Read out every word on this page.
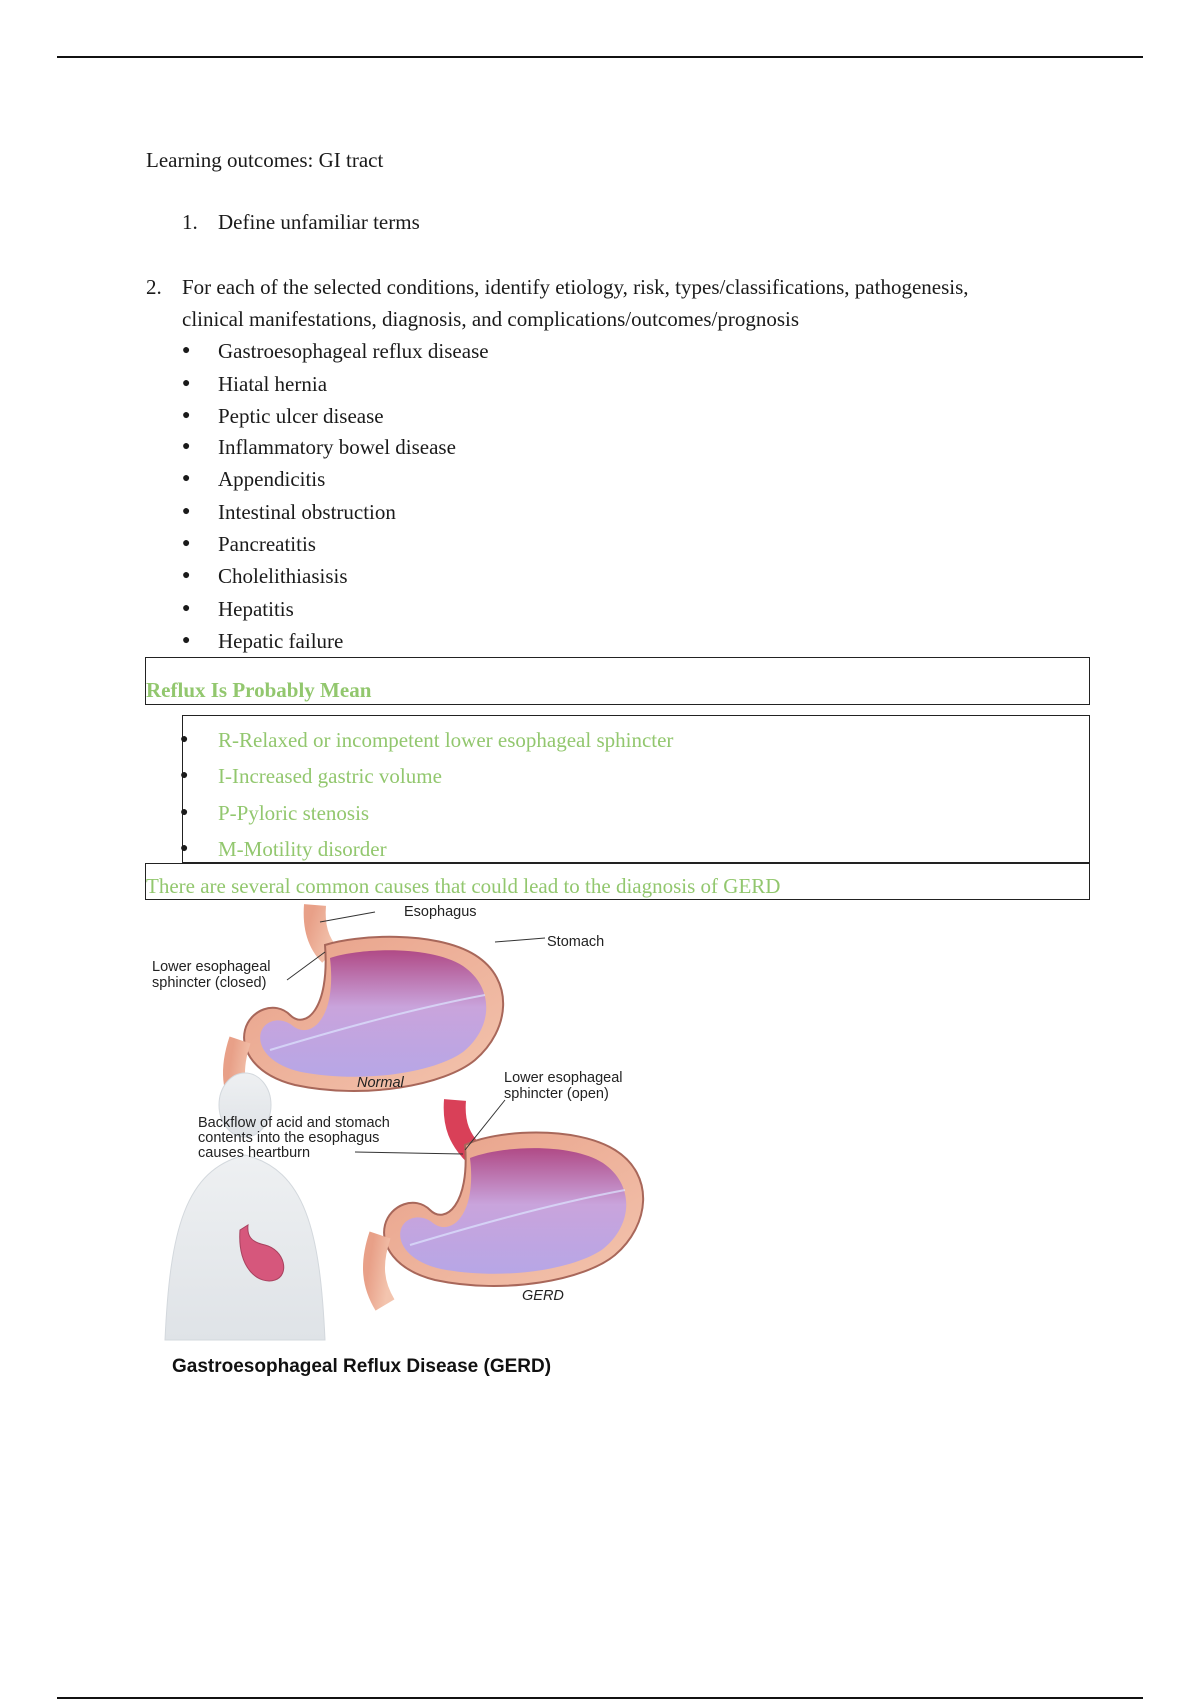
Learning outcomes: GI tract
1. Define unfamiliar terms
2. For each of the selected conditions, identify etiology, risk, types/classifications, pathogenesis,
clinical manifestations, diagnosis, and complications/outcomes/prognosis
● Gastroesophageal reflux disease
● Hiatal hernia
● Peptic ulcer disease
● Inflammatory bowel disease
● Appendicitis
● Intestinal obstruction
● Pancreatitis
● Cholelithiasisis
● Hepatitis
● Hepatic failure
Reflux Is Probably Mean
● R-Relaxed or incompetent lower esophageal sphincter
● I-Increased gastric volume
● P-Pyloric stenosis
● M-Motility disorder
There are several common causes that could lead to the diagnosis of GERD
Esophagus
Stomach
Lower esophageal
sphincter (closed)
Normal	Lower esophageal
sphincter (open)
Backflow of acid and stomach
contents into the esophagus
causes heartburn
GERD
Gastroesophageal Reflux Disease (GERD)
